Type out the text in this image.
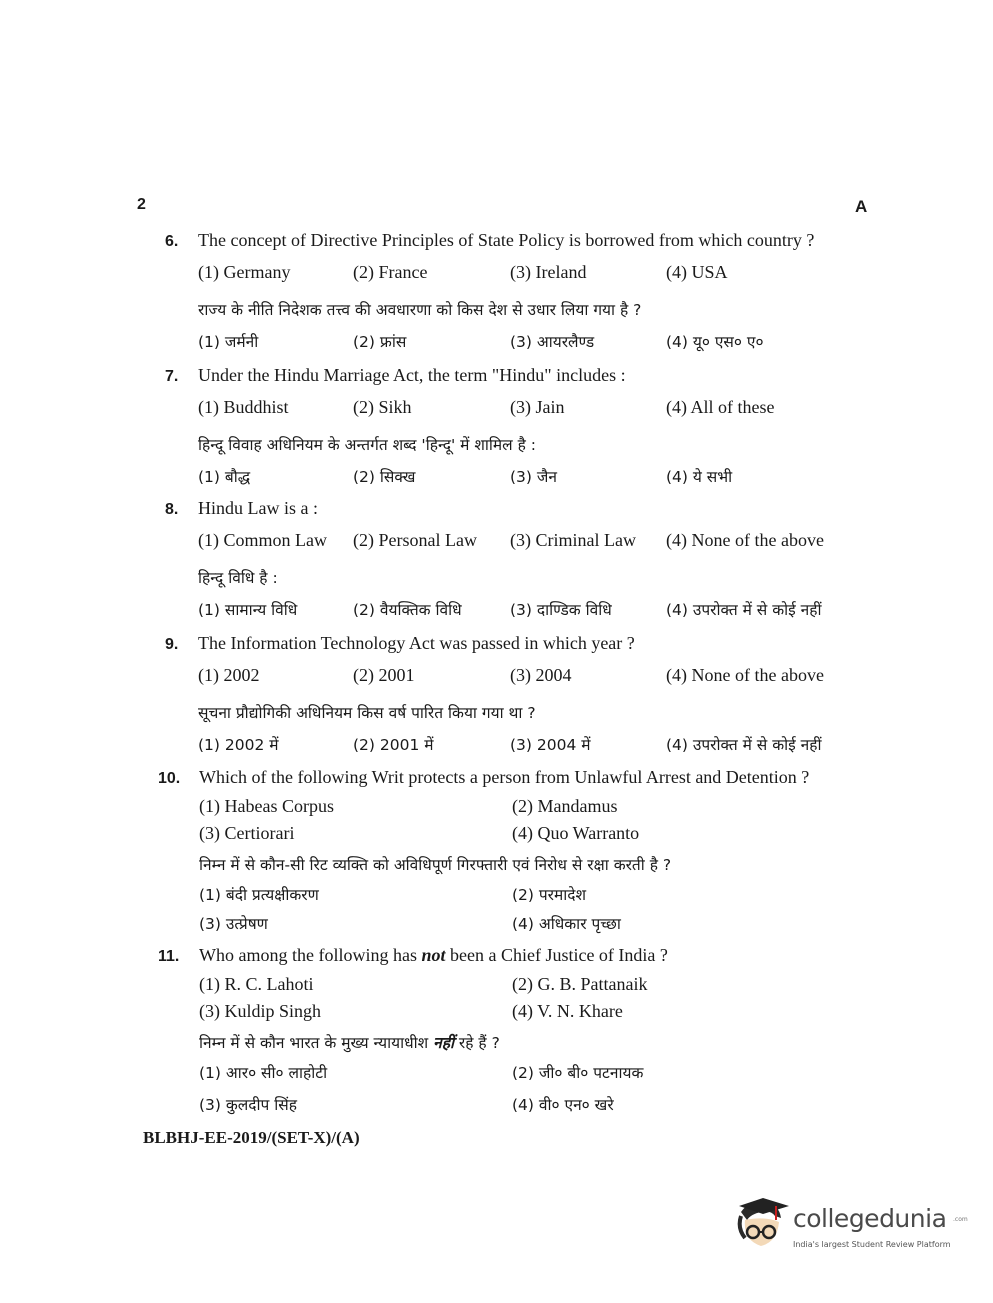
2	A
6. The concept of Directive Principles of State Policy is borrowed from which country ?
(1) Germany	(2) France	(3) Ireland	(4) USA
राज्य के नीति निदेशक तत्त्व की अवधारणा को किस देश से उधार लिया गया है ?
(1) जर्मनी	(2) फ्रांस	(3) आयरलैण्ड	(4) यू० एस० ए०
7. Under the Hindu Marriage Act, the term "Hindu" includes :
(1) Buddhist	(2) Sikh	(3) Jain	(4) All of these
हिन्दू विवाह अधिनियम के अन्तर्गत शब्द 'हिन्दू' में शामिल है :
(1) बौद्ध	(2) सिक्ख	(3) जैन	(4) ये सभी
8. Hindu Law is a :
(1) Common Law (2) Personal Law (3) Criminal Law (4) None of the above
हिन्दू विधि है :
(1) सामान्य विधि	(2) वैयक्तिक विधि	(3) दाण्डिक विधि	(4) उपरोक्त में से कोई नहीं
9. The Information Technology Act was passed in which year ?
(1) 2002	(2) 2001	(3) 2004	(4) None of the above
सूचना प्रौद्योगिकी अधिनियम किस वर्ष पारित किया गया था ?
(1) 2002 में	(2) 2001 में	(3) 2004 में	(4) उपरोक्त में से कोई नहीं
10. Which of the following Writ protects a person from Unlawful Arrest and Detention ?
(1) Habeas Corpus	(2) Mandamus
(3) Certiorari	(4) Quo Warranto
निम्न में से कौन-सी रिट व्यक्ति को अविधिपूर्ण गिरफ्तारी एवं निरोध से रक्षा करती है ?
(1) बंदी प्रत्यक्षीकरण	(2) परमादेश
(3) उत्प्रेषण	(4) अधिकार पृच्छा
11. Who among the following has not been a Chief Justice of India ?
(1) R. C. Lahoti	(2) G. B. Pattanaik
(3) Kuldip Singh	(4) V. N. Khare
निम्न में से कौन भारत के मुख्य न्यायाधीश नहीं रहे हैं ?
(1) आर० सी० लाहोटी	(2) जी० बी० पटनायक
(3) कुलदीप सिंह	(4) वी० एन० खरे
BLBHJ-EE-2019/(SET-X)/(A)
collegedunia .com
India's largest Student Review Platform
